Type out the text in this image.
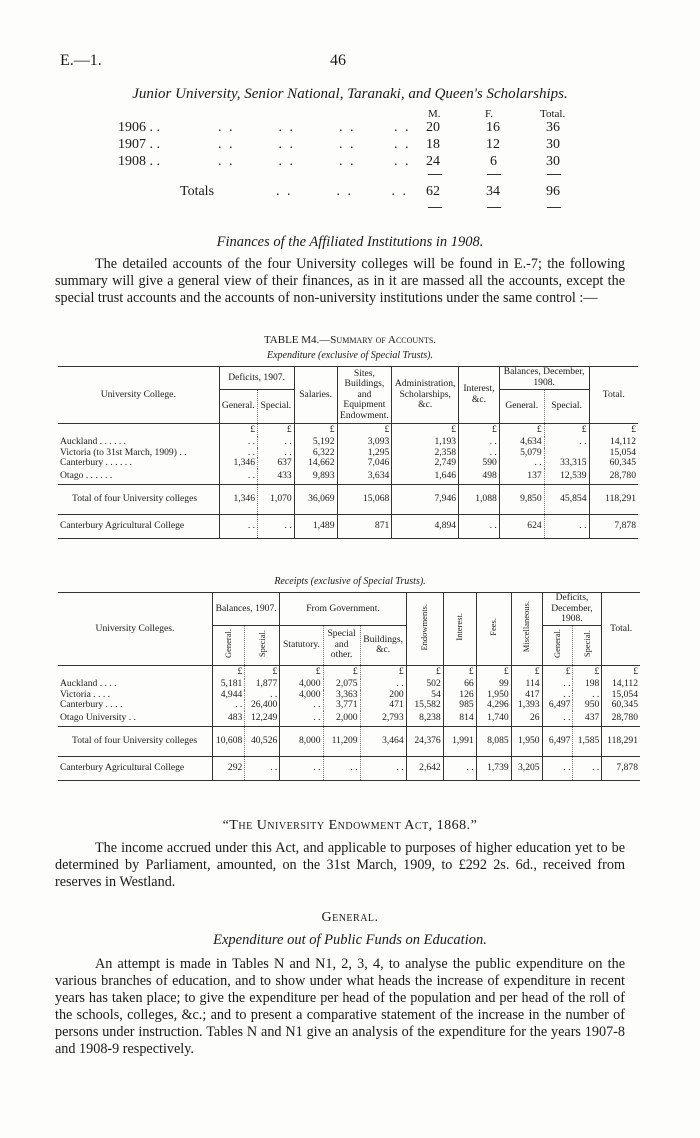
E.—1.	46
Junior University, Senior National, Taranaki, and Queen's Scholarships.
M.	F.	Total.
1906 . .	. .        . .        . .       . . 20	16	36
1907 . .	. .        . .        . .       . . 18	12	30
1908 . .	. .        . .        . .       . . 24	6	30
Totals	. .        . .       . . 62	34	96
Finances of the Affiliated Institutions in 1908.
The detailed accounts of the four University colleges will be found in E.-7; the following summary will give a general view of their finances, as in it are massed all the accounts, except the special trust accounts and the accounts of non-university institutions under the same control :—
TABLE M4.—Summary of Accounts.
Expenditure (exclusive of Special Trusts).
University College.	Deficits, 1907.		Salaries.	Sites, Buildings, and Equipment Endowment.	Administration, Scholarships, &c.	Interest, &c.	Balances, December, 1908.		Total.
	General.	Special.					General.	Special.	
	£	£	£	£	£	£	£	£	£
Auckland . . . . . .	. .	. .	5,192	3,093	1,193	. .	4,634	. .	14,112
Victoria (to 31st March, 1909) . .	. .	. .	6,322	1,295	2,358	. .	5,079		15,054
Canterbury . . . . . .	1,346	637	14,662	7,046	2,749	590	. .	33,315	60,345
Otago . . . . . .	. .	433	9,893	3,634	1,646	498	137	12,539	28,780
Total of four University colleges	1,346	1,070	36,069	15,068	7,946	1,088	9,850	45,854	118,291
Canterbury Agricultural College	. .	. .	1,489	871	4,894	. .	624	. .	7,878
Receipts (exclusive of Special Trusts).
University Colleges.	Balances, 1907.		From Government.			Endowments.	Interest.	Fees.	Miscellaneous.	Deficits, December, 1908.		Total.
	General.	Special.	Statutory.	Special and other.	Buildings, &c.					General.	Special.	
	£	£	£	£	£	£	£	£	£	£	£	£
Auckland . . . .	5,181	1,877	4,000	2,075	. .	502	66	99	114	. .	198	14,112
Victoria . . . .	4,944	. .	4,000	3,363	200	54	126	1,950	417	. .	. .	15,054
Canterbury . . . .	. .	26,400	. .	3,771	471	15,582	985	4,296	1,393	6,497	950	60,345
Otago University . .	483	12,249	. .	2,000	2,793	8,238	814	1,740	26	. .	437	28,780
Total of four University colleges	10,608	40,526	8,000	11,209	3,464	24,376	1,991	8,085	1,950	6,497	1,585	118,291
Canterbury Agricultural College	292	. .	. .	. .	. .	2,642	. .	1,739	3,205	. .	. .	7,878
“The University Endowment Act, 1868.”
The income accrued under this Act, and applicable to purposes of higher education yet to be determined by Parliament, amounted, on the 31st March, 1909, to £292 2s. 6d., received from reserves in Westland.
General.
Expenditure out of Public Funds on Education.
An attempt is made in Tables N and N1, 2, 3, 4, to analyse the public expenditure on the various branches of education, and to show under what heads the increase of expenditure in recent years has taken place; to give the expenditure per head of the population and per head of the roll of the schools, colleges, &c.; and to present a comparative statement of the increase in the number of persons under instruction. Tables N and N1 give an analysis of the expenditure for the years 1907-8 and 1908-9 respectively.
